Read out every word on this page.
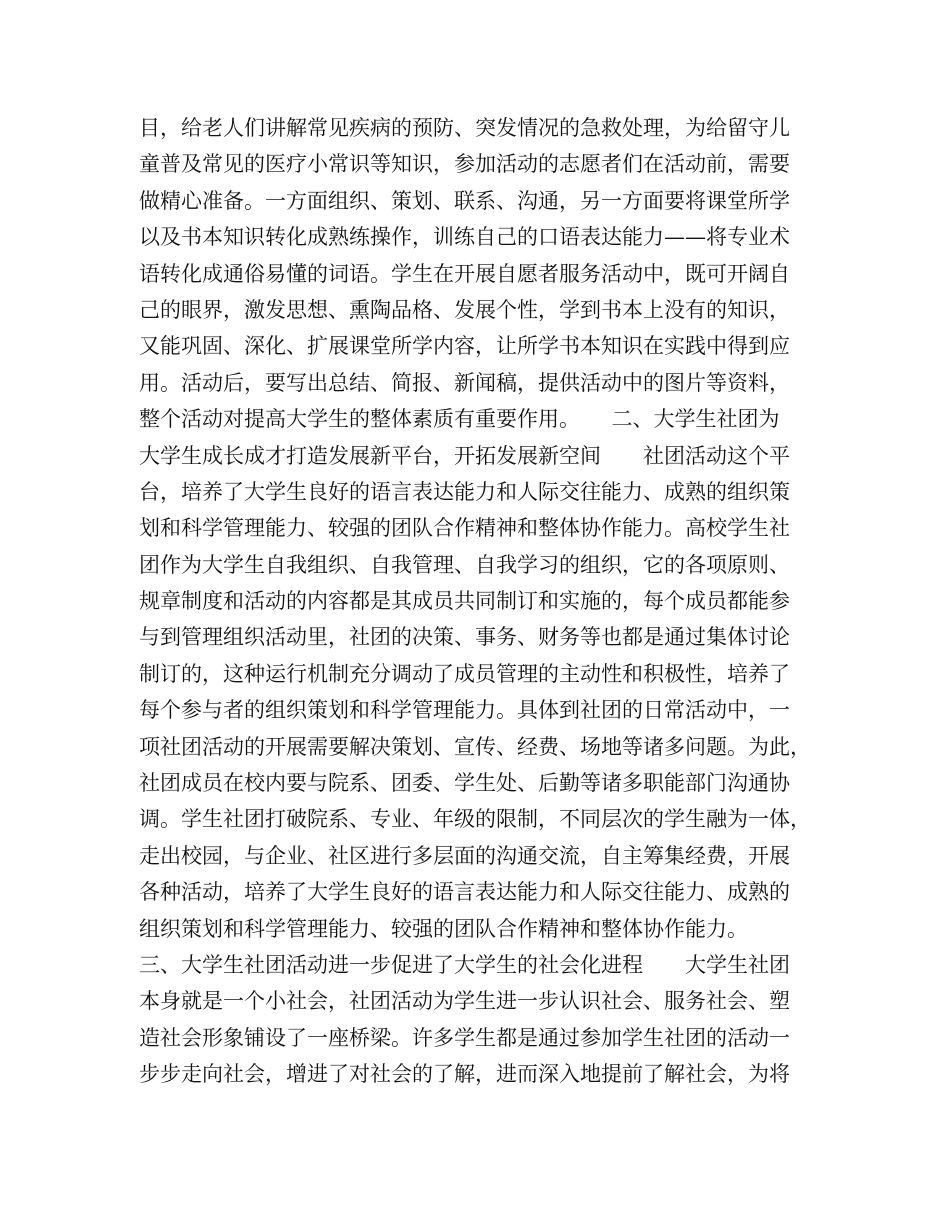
目，给老人们讲解常见疾病的预防、突发情况的急救处理，为给留守儿
童普及常见的医疗小常识等知识，参加活动的志愿者们在活动前，需要
做精心准备。一方面组织、策划、联系、沟通，另一方面要将课堂所学
以及书本知识转化成熟练操作，训练自己的口语表达能力——将专业术
语转化成通俗易懂的词语。学生在开展自愿者服务活动中，既可开阔自
己的眼界，激发思想、熏陶品格、发展个性，学到书本上没有的知识，
又能巩固、深化、扩展课堂所学内容，让所学书本知识在实践中得到应
用。活动后，要写出总结、简报、新闻稿，提供活动中的图片等资料，
整个活动对提高大学生的整体素质有重要作用。　　二、大学生社团为
大学生成长成才打造发展新平台，开拓发展新空间　　社团活动这个平
台，培养了大学生良好的语言表达能力和人际交往能力、成熟的组织策
划和科学管理能力、较强的团队合作精神和整体协作能力。高校学生社
团作为大学生自我组织、自我管理、自我学习的组织，它的各项原则、
规章制度和活动的内容都是其成员共同制订和实施的，每个成员都能参
与到管理组织活动里，社团的决策、事务、财务等也都是通过集体讨论
制订的，这种运行机制充分调动了成员管理的主动性和积极性，培养了
每个参与者的组织策划和科学管理能力。具体到社团的日常活动中，一
项社团活动的开展需要解决策划、宣传、经费、场地等诸多问题。为此，
社团成员在校内要与院系、团委、学生处、后勤等诸多职能部门沟通协
调。学生社团打破院系、专业、年级的限制，不同层次的学生融为一体，
走出校园，与企业、社区进行多层面的沟通交流，自主筹集经费，开展
各种活动，培养了大学生良好的语言表达能力和人际交往能力、成熟的
组织策划和科学管理能力、较强的团队合作精神和整体协作能力。　　
三、大学生社团活动进一步促进了大学生的社会化进程　　大学生社团
本身就是一个小社会，社团活动为学生进一步认识社会、服务社会、塑
造社会形象铺设了一座桥梁。许多学生都是通过参加学生社团的活动一
步步走向社会，增进了对社会的了解，进而深入地提前了解社会，为将
